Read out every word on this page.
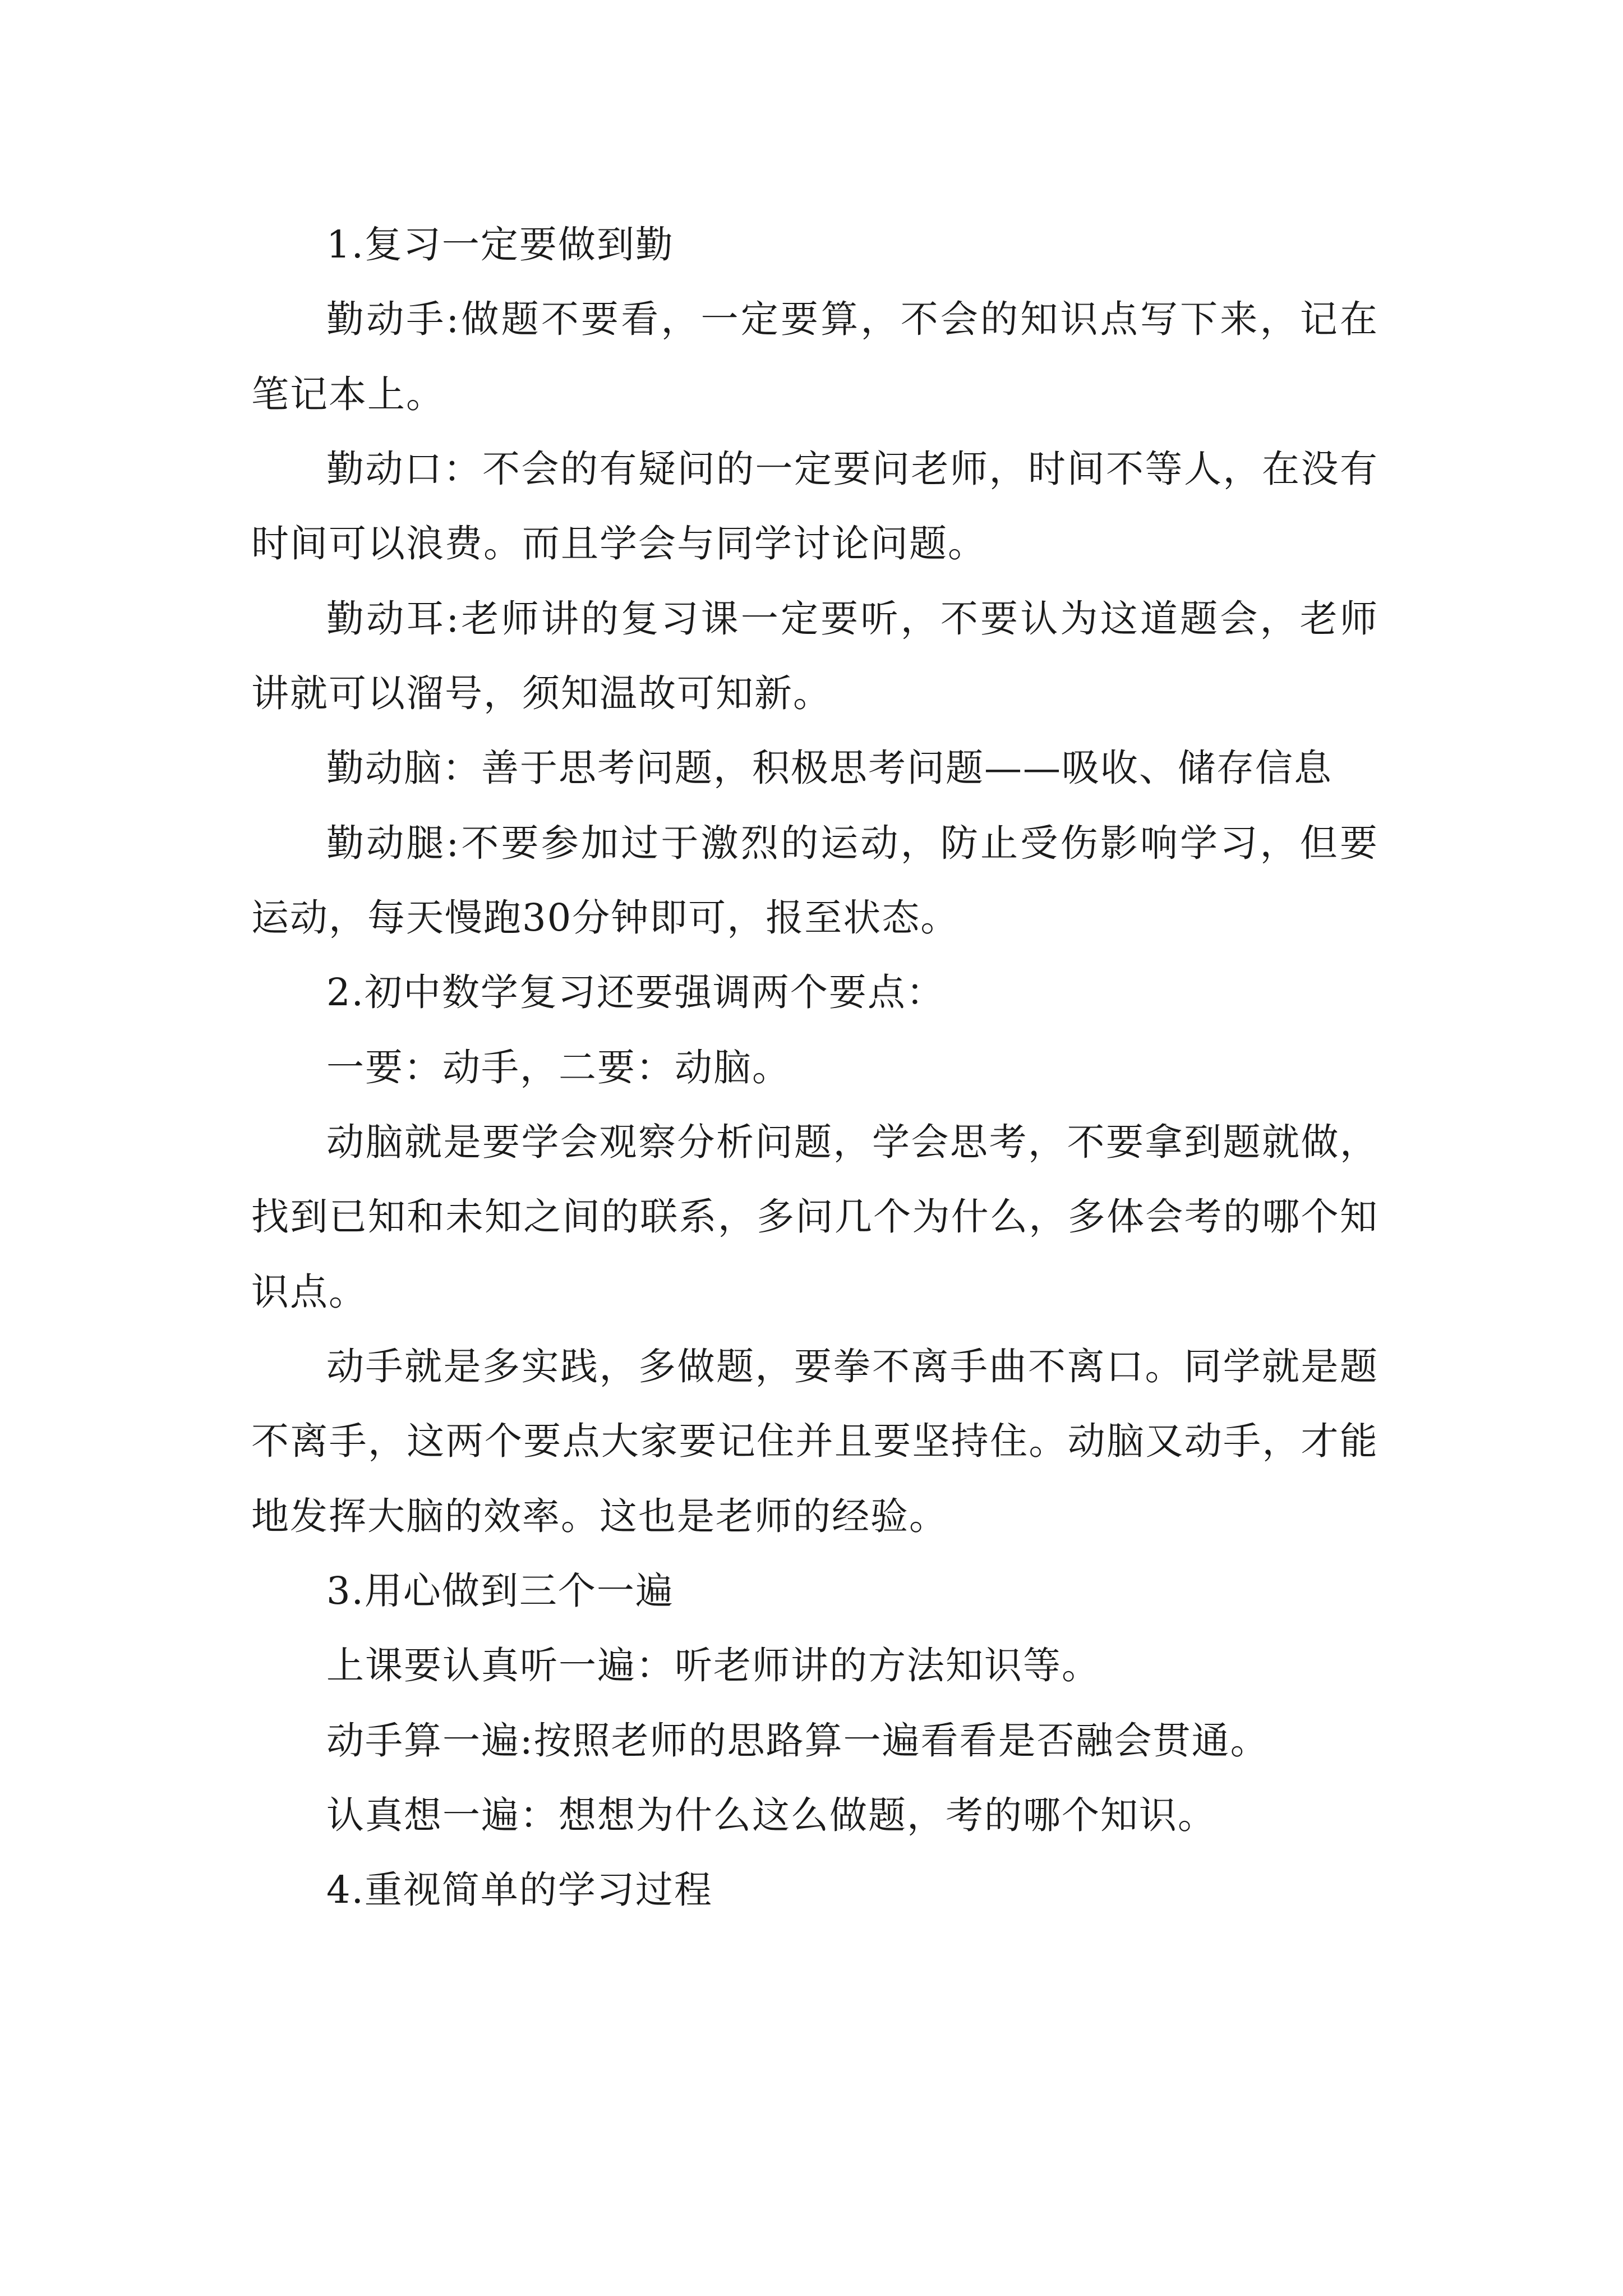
1.复习一定要做到勤

勤动手:做题不要看，一定要算，不会的知识点写下来，记在笔记本上。

勤动口：不会的有疑问的一定要问老师，时间不等人，在没有时间可以浪费。而且学会与同学讨论问题。

勤动耳:老师讲的复习课一定要听，不要认为这道题会，老师讲就可以溜号，须知温故可知新。

勤动脑：善于思考问题，积极思考问题——吸收、储存信息

勤动腿:不要参加过于激烈的运动，防止受伤影响学习，但要运动，每天慢跑30分钟即可，报至状态。

2.初中数学复习还要强调两个要点：

一要：动手，二要：动脑。

动脑就是要学会观察分析问题，学会思考，不要拿到题就做，找到已知和未知之间的联系，多问几个为什么，多体会考的哪个知识点。

动手就是多实践，多做题，要拳不离手曲不离口。同学就是题不离手，这两个要点大家要记住并且要坚持住。动脑又动手，才能地发挥大脑的效率。这也是老师的经验。

3.用心做到三个一遍

上课要认真听一遍：听老师讲的方法知识等。

动手算一遍:按照老师的思路算一遍看看是否融会贯通。

认真想一遍：想想为什么这么做题，考的哪个知识。

4.重视简单的学习过程
